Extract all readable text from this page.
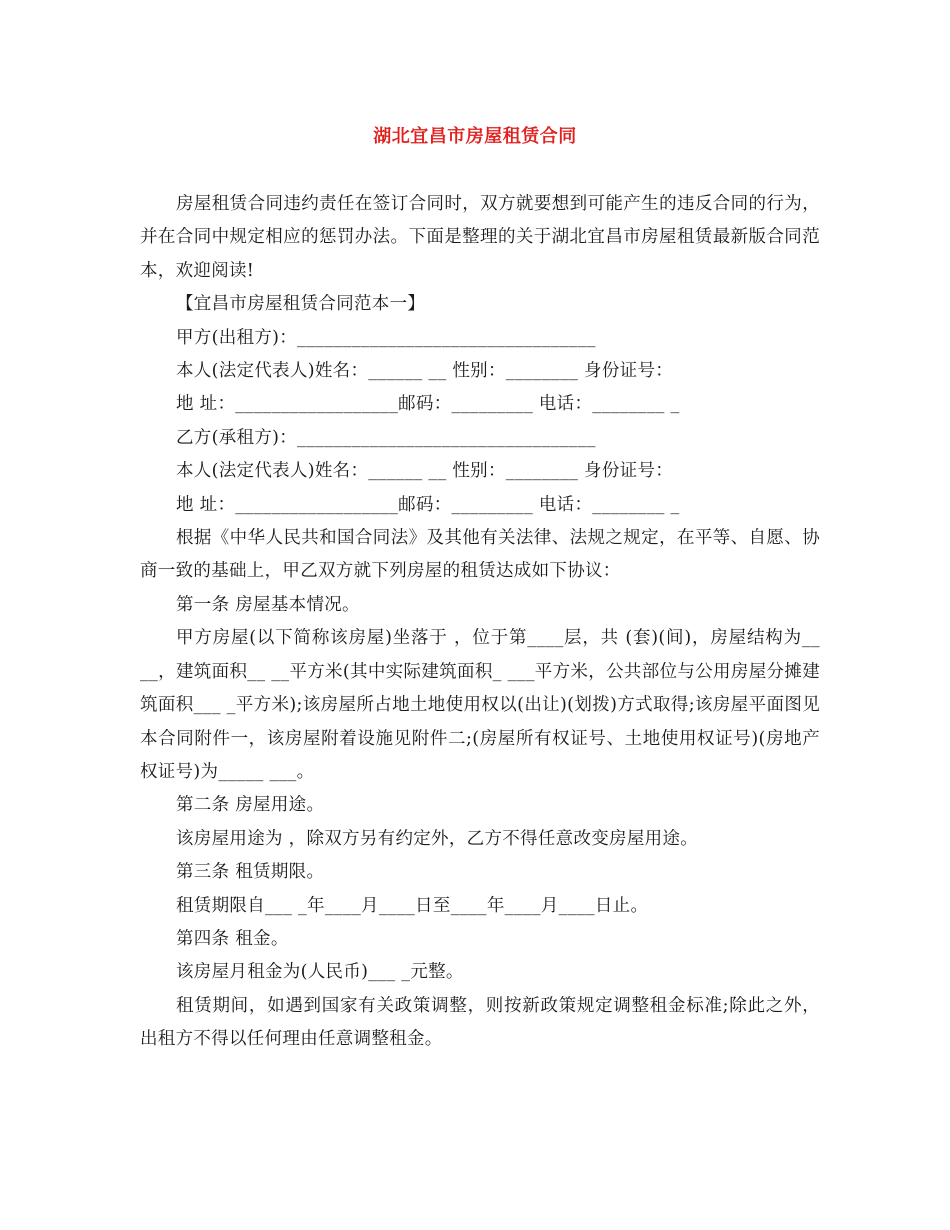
湖北宜昌市房屋租赁合同

房屋租赁合同违约责任在签订合同时，双方就要想到可能产生的违反合同的行为，并在合同中规定相应的惩罚办法。下面是整理的关于湖北宜昌市房屋租赁最新版合同范本，欢迎阅读!

【宜昌市房屋租赁合同范本一】

甲方(出租方)：_________________________________

本人(法定代表人)姓名：______ __ 性别：________ 身份证号：

地 址：__________________邮码：_________ 电话：________ _

乙方(承租方)：_________________________________

本人(法定代表人)姓名：______ __ 性别：________ 身份证号：

地 址：__________________邮码：_________ 电话：________ _

根据《中华人民共和国合同法》及其他有关法律、法规之规定，在平等、自愿、协商一致的基础上，甲乙双方就下列房屋的租赁达成如下协议：

第一条 房屋基本情况。

甲方房屋(以下简称该房屋)坐落于 ，位于第____层，共 (套)(间)，房屋结构为__ __，建筑面积__ __平方米(其中实际建筑面积_ ___平方米，公共部位与公用房屋分摊建筑面积___ _平方米);该房屋所占地土地使用权以(出让)(划拨)方式取得;该房屋平面图见本合同附件一，该房屋附着设施见附件二;(房屋所有权证号、土地使用权证号)(房地产权证号)为_____ ___。

第二条 房屋用途。

该房屋用途为 ，除双方另有约定外，乙方不得任意改变房屋用途。

第三条 租赁期限。

租赁期限自___ _年____月____日至____年____月____日止。

第四条 租金。

该房屋月租金为(人民币)___ _元整。

租赁期间，如遇到国家有关政策调整，则按新政策规定调整租金标准;除此之外，出租方不得以任何理由任意调整租金。
